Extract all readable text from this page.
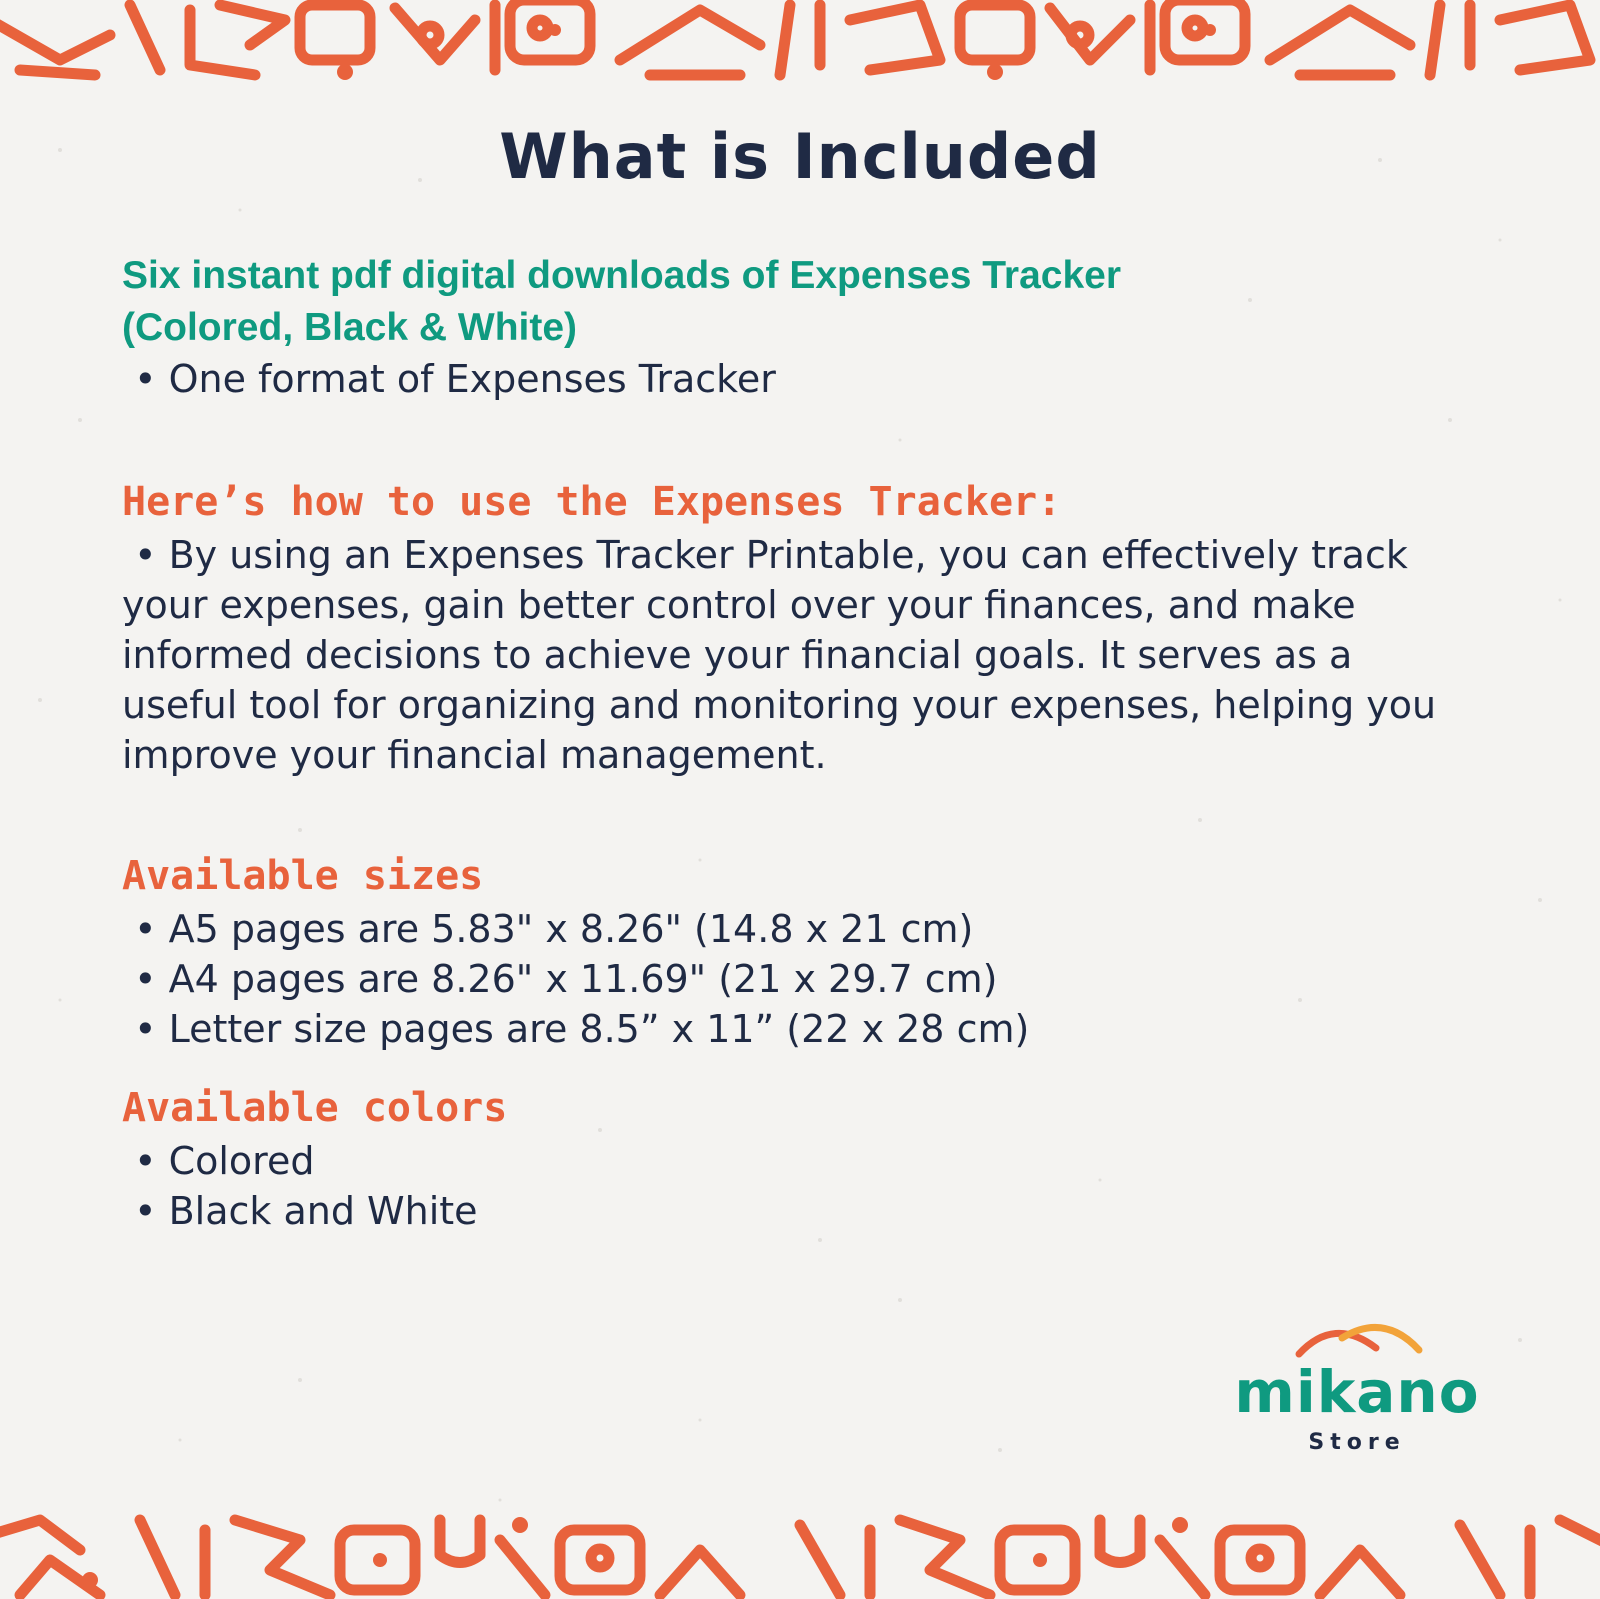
What is Included
Six instant pdf digital downloads of Expenses Tracker
(Colored, Black & White)
• One format of Expenses Tracker
Here’s how to use the Expenses Tracker:
• By using an Expenses Tracker Printable, you can effectively track
your expenses, gain better control over your finances, and make
informed decisions to achieve your financial goals. It serves as a
useful tool for organizing and monitoring your expenses, helping you
improve your financial management.
Available sizes
• A5 pages are 5.83" x 8.26" (14.8 x 21 cm)
• A4 pages are 8.26" x 11.69" (21 x 29.7 cm)
• Letter size pages are 8.5” x 11” (22 x 28 cm)
Available colors
• Colored
• Black and White
mikano
Store
